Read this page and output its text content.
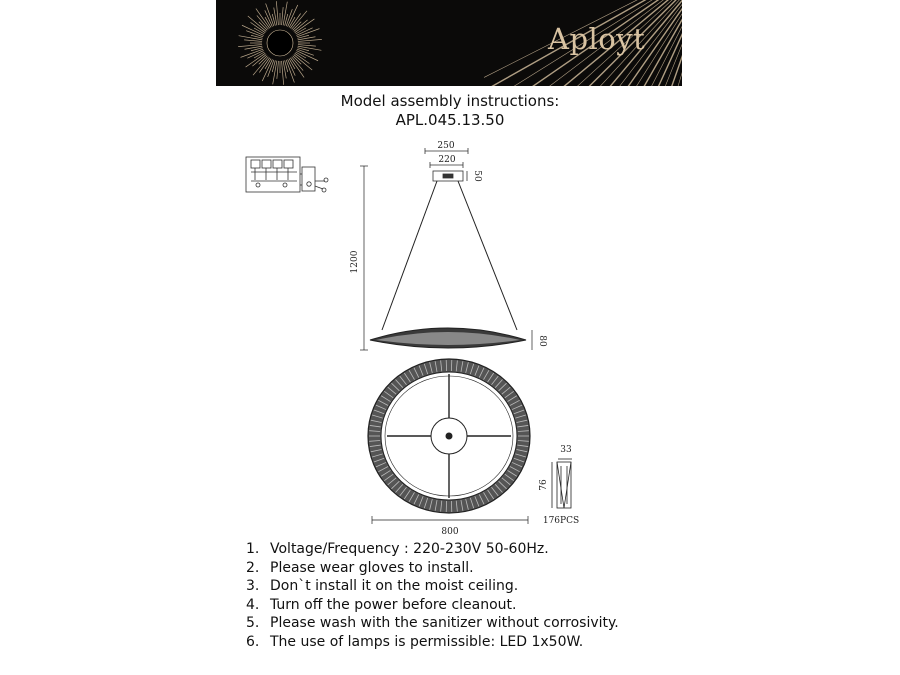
Aployt
Model assembly instructions:
APL.045.13.50
250
220
50
1200
80
800
33
76
176PCS
1. Voltage/Frequency : 220-230V 50-60Hz.
2. Please wear gloves to install.
3. Don`t install it on the moist ceiling.
4. Turn off the power before cleanout.
5. Please wash with the sanitizer without corrosivity.
6. The use of lamps is permissible: LED 1x50W.
